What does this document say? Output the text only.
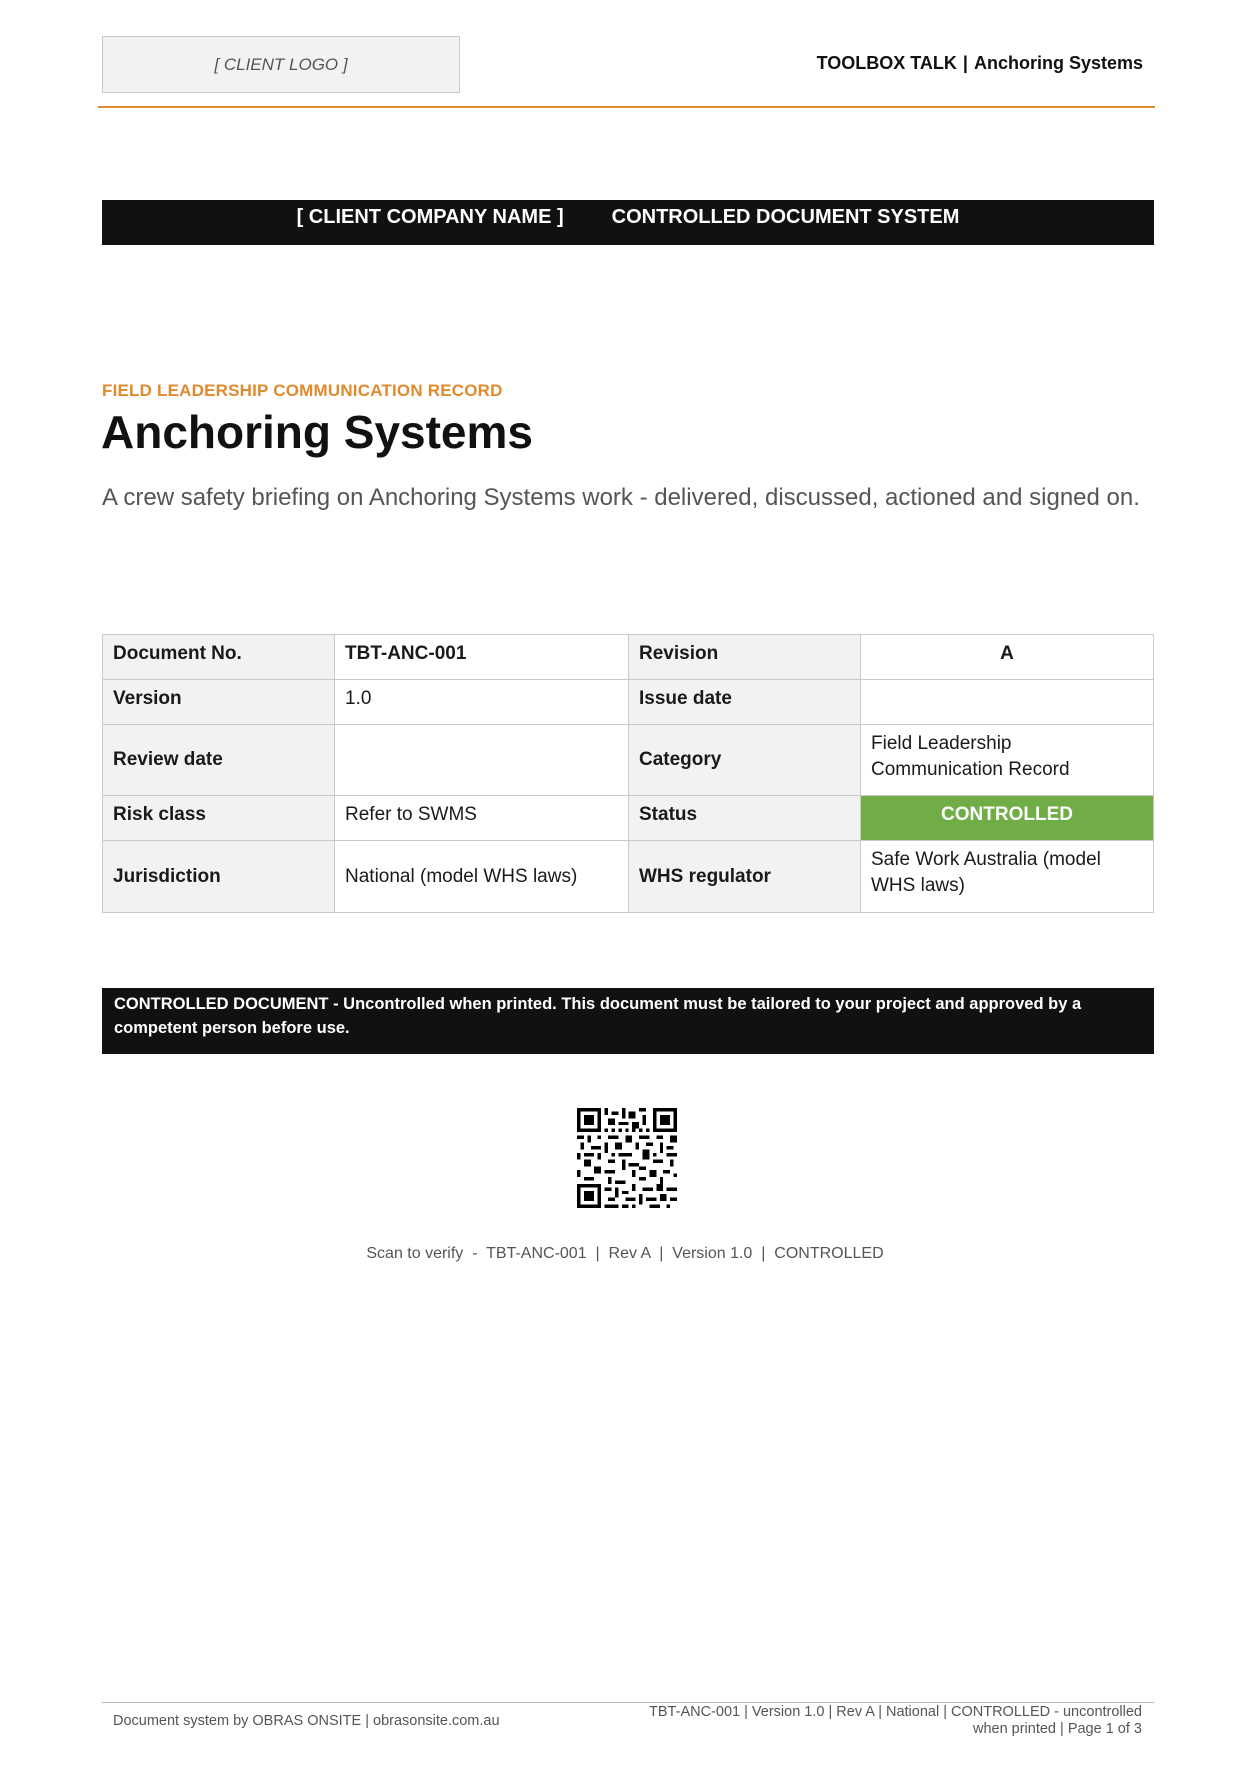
[ CLIENT LOGO ]	TOOLBOX TALK | Anchoring Systems
[ CLIENT COMPANY NAME ] CONTROLLED DOCUMENT SYSTEM
FIELD LEADERSHIP COMMUNICATION RECORD
Anchoring Systems
A crew safety briefing on Anchoring Systems work - delivered, discussed, actioned and signed on.
Document No.	TBT-ANC-001	Revision	A
Version	1.0	Issue date	
Review date		Category	Field Leadership Communication Record
Risk class	Refer to SWMS	Status	CONTROLLED
Jurisdiction	National (model WHS laws)	WHS regulator	Safe Work Australia (model WHS laws)
CONTROLLED DOCUMENT - Uncontrolled when printed. This document must be tailored to your project and approved by a competent person before use.
Scan to verify  -  TBT-ANC-001  |  Rev A  |  Version 1.0  |  CONTROLLED
Document system by OBRAS ONSITE | obrasonsite.com.au
TBT-ANC-001 | Version 1.0 | Rev A | National | CONTROLLED - uncontrolled
when printed | Page 1 of 3
